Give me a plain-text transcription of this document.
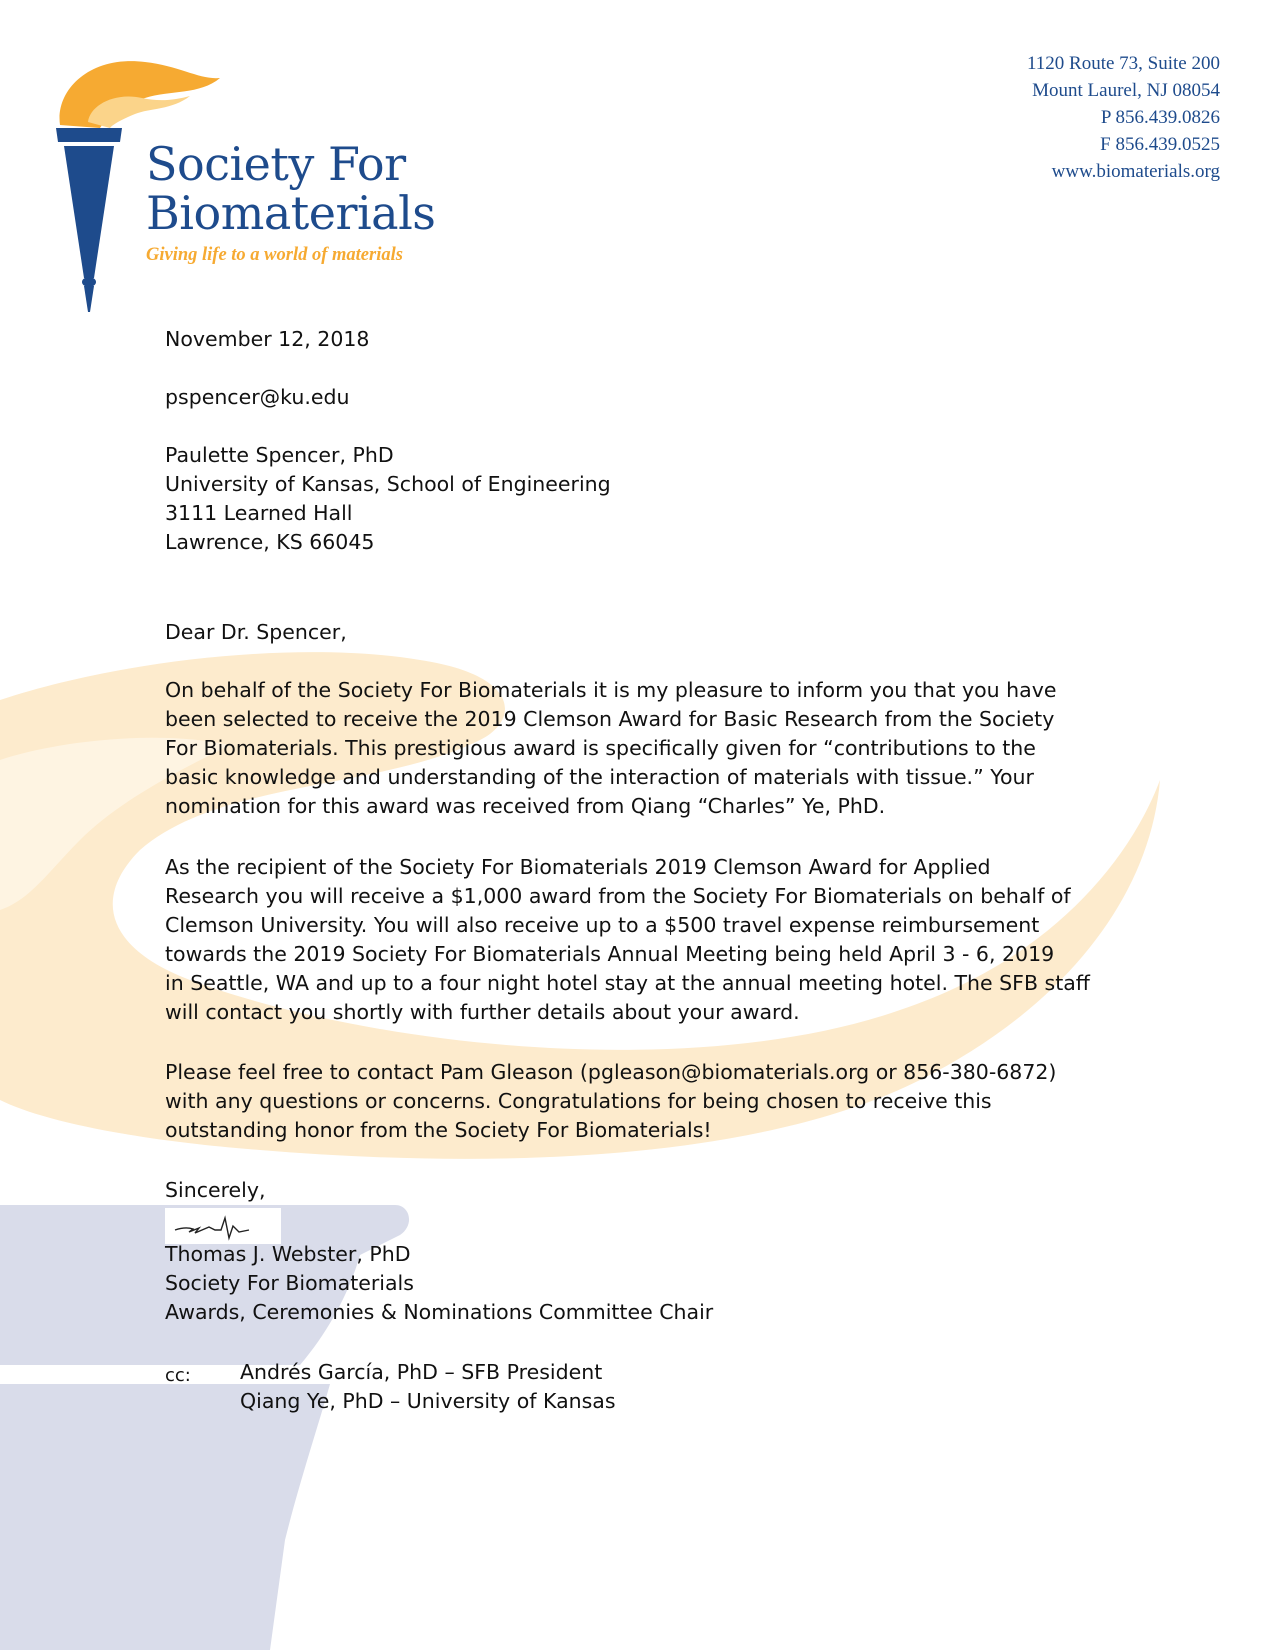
Society For
Biomaterials
Giving life to a world of materials
1120 Route 73, Suite 200
Mount Laurel, NJ 08054
P 856.439.0826
F 856.439.0525
www.biomaterials.org
November 12, 2018
pspencer@ku.edu
Paulette Spencer, PhD
University of Kansas, School of Engineering
3111 Learned Hall
Lawrence, KS 66045
Dear Dr. Spencer,
On behalf of the Society For Biomaterials it is my pleasure to inform you that you have
been selected to receive the 2019 Clemson Award for Basic Research from the Society
For Biomaterials. This prestigious award is specifically given for “contributions to the
basic knowledge and understanding of the interaction of materials with tissue.” Your
nomination for this award was received from Qiang “Charles” Ye, PhD.
As the recipient of the Society For Biomaterials 2019 Clemson Award for Applied
Research you will receive a $1,000 award from the Society For Biomaterials on behalf of
Clemson University. You will also receive up to a $500 travel expense reimbursement
towards the 2019 Society For Biomaterials Annual Meeting being held April 3 - 6, 2019
in Seattle, WA and up to a four night hotel stay at the annual meeting hotel. The SFB staff
will contact you shortly with further details about your award.
Please feel free to contact Pam Gleason (pgleason@biomaterials.org or 856-380-6872)
with any questions or concerns. Congratulations for being chosen to receive this
outstanding honor from the Society For Biomaterials!
Sincerely,
Thomas J. Webster, PhD
Society For Biomaterials
Awards, Ceremonies & Nominations Committee Chair
cc: Andrés García, PhD – SFB President
Qiang Ye, PhD – University of Kansas
